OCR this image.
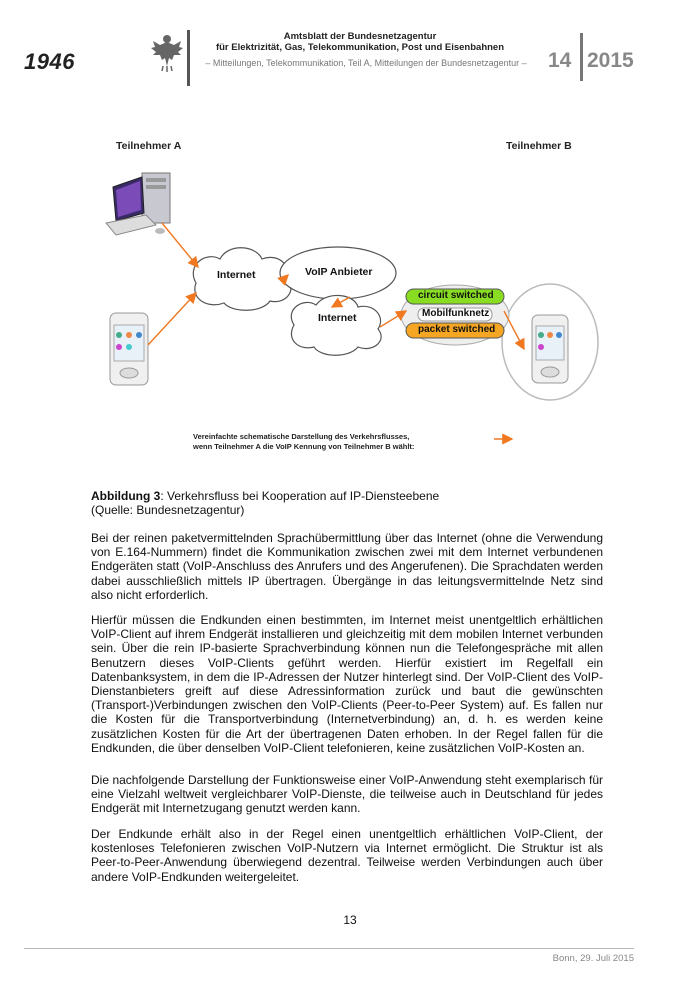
1946
Amtsblatt der Bundesnetzagentur
für Elektrizität, Gas, Telekommunikation, Post und Eisenbahnen
– Mitteilungen, Telekommunikation, Teil A, Mitteilungen der Bundesnetzagentur –	14 2015
Teilnehmer A	Teilnehmer B
Internet	VoIP Anbieter
Internet
circuit switched
Mobilfunknetz
packet switched
Vereinfachte schematische Darstellung des Verkehrsflusses,
wenn Teilnehmer A die VoIP Kennung von Teilnehmer B wählt:
Abbildung 3: Verkehrsfluss bei Kooperation auf IP-Diensteebene
(Quelle: Bundesnetzagentur)
Bei der reinen paketvermittelnden Sprachübermittlung über das Internet (ohne die Verwendung von E.164-Nummern) findet die Kommunikation zwischen zwei mit dem Internet verbundenen Endgeräten statt (VoIP-Anschluss des Anrufers und des Angerufenen). Die Sprachdaten werden dabei ausschließlich mittels IP übertragen. Übergänge in das leitungsvermittelnde Netz sind also nicht erforderlich.
Hierfür müssen die Endkunden einen bestimmten, im Internet meist unentgeltlich erhältlichen VoIP-Client auf ihrem Endgerät installieren und gleichzeitig mit dem mobilen Internet verbunden sein. Über die rein IP-basierte Sprachverbindung können nun die Telefongespräche mit allen Benutzern dieses VoIP-Clients geführt werden. Hierfür existiert im Regelfall ein Datenbanksystem, in dem die IP-Adressen der Nutzer hinterlegt sind. Der VoIP-Client des VoIP-Dienstanbieters greift auf diese Adressinformation zurück und baut die gewünschten (Transport-)Verbindungen zwischen den VoIP-Clients (Peer-to-Peer System) auf. Es fallen nur die Kosten für die Transportverbindung (Internetverbindung) an, d. h. es werden keine zusätzlichen Kosten für die Art der übertragenen Daten erhoben. In der Regel fallen für die Endkunden, die über denselben VoIP-Client telefonieren, keine zusätzlichen VoIP-Kosten an.
Die nachfolgende Darstellung der Funktionsweise einer VoIP-Anwendung steht exemplarisch für eine Vielzahl weltweit vergleichbarer VoIP-Dienste, die teilweise auch in Deutschland für jedes Endgerät mit Internetzugang genutzt werden kann.
Der Endkunde erhält also in der Regel einen unentgeltlich erhältlichen VoIP-Client, der kostenloses Telefonieren zwischen VoIP-Nutzern via Internet ermöglicht. Die Struktur ist als Peer-to-Peer-Anwendung überwiegend dezentral. Teilweise werden Verbindungen auch über andere VoIP-Endkunden weitergeleitet.
13
Bonn, 29. Juli 2015
